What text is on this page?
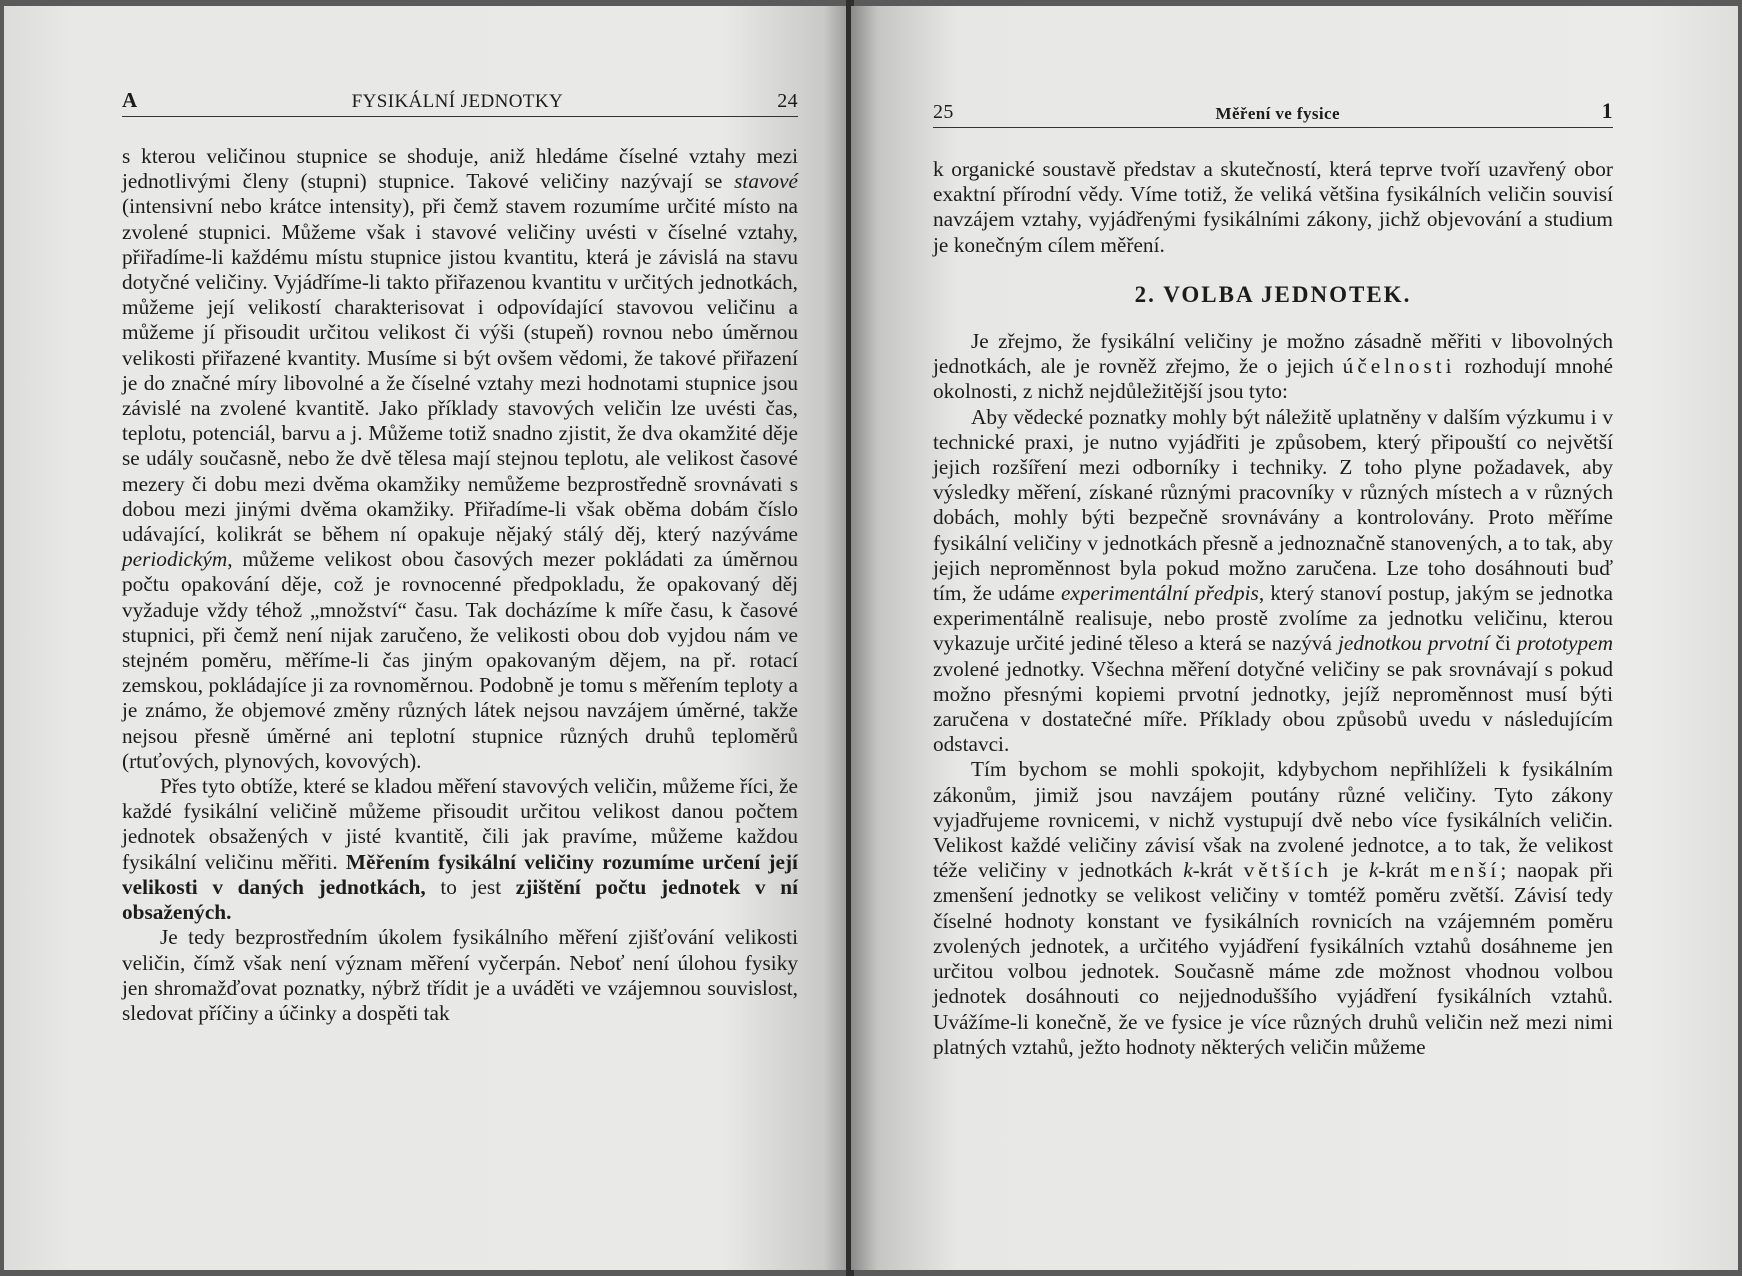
A	FYSIKÁLNÍ JEDNOTKY	24

s kterou veličinou stupnice se shoduje, aniž hledáme číselné vztahy mezi jednotlivými členy (stupni) stupnice. Takové veličiny nazývají se stavové (intensivní nebo krátce intensity), při čemž stavem rozumíme určité místo na zvolené stupnici. Můžeme však i stavové veličiny uvésti v číselné vztahy, přiřadíme-li každému místu stupnice jistou kvantitu, která je závislá na stavu dotyčné veličiny. Vyjádříme-li takto přiřazenou kvantitu v určitých jednotkách, můžeme její velikostí charakterisovat i odpovídající stavovou veličinu a můžeme jí přisoudit určitou velikost či výši (stupeň) rovnou nebo úměrnou velikosti přiřazené kvantity. Musíme si být ovšem vědomi, že takové přiřazení je do značné míry libovolné a že číselné vztahy mezi hodnotami stupnice jsou závislé na zvolené kvantitě. Jako příklady stavových veličin lze uvésti čas, teplotu, potenciál, barvu a j. Můžeme totiž snadno zjistit, že dva okamžité děje se udály současně, nebo že dvě tělesa mají stejnou teplotu, ale velikost časové mezery či dobu mezi dvěma okamžiky nemůžeme bezprostředně srovnávati s dobou mezi jinými dvěma okamžiky. Přiřadíme-li však oběma dobám číslo udávající, kolikrát se během ní opakuje nějaký stálý děj, který nazýváme periodickým, můžeme velikost obou časových mezer pokládati za úměrnou počtu opakování děje, což je rovnocenné předpokladu, že opakovaný děj vyžaduje vždy téhož „množství“ času. Tak docházíme k míře času, k časové stupnici, při čemž není nijak zaručeno, že velikosti obou dob vyjdou nám ve stejném poměru, měříme-li čas jiným opakovaným dějem, na př. rotací zemskou, pokládajíce ji za rovnoměrnou. Podobně je tomu s měřením teploty a je známo, že objemové změny různých látek nejsou navzájem úměrné, takže nejsou přesně úměrné ani teplotní stupnice různých druhů teploměrů (rtuťových, plynových, kovových).

Přes tyto obtíže, které se kladou měření stavových veličin, můžeme říci, že každé fysikální veličině můžeme přisoudit určitou velikost danou počtem jednotek obsažených v jisté kvantitě, čili jak pravíme, můžeme každou fysikální veličinu měřiti. Měřením fysikální veličiny rozumíme určení její velikosti v daných jednotkách, to jest zjištění počtu jednotek v ní obsažených.

Je tedy bezprostředním úkolem fysikálního měření zjišťování velikosti veličin, čímž však není význam měření vyčerpán. Neboť není úlohou fysiky jen shromažďovat poznatky, nýbrž třídit je a uváděti ve vzájemnou souvislost, sledovat příčiny a účinky a dospěti tak

25	Měření ve fysice	1

k organické soustavě představ a skutečností, která teprve tvoří uzavřený obor exaktní přírodní vědy. Víme totiž, že veliká většina fysikálních veličin souvisí navzájem vztahy, vyjádřenými fysikálními zákony, jichž objevování a studium je konečným cílem měření.

2. VOLBA JEDNOTEK.

Je zřejmo, že fysikální veličiny je možno zásadně měřiti v libovolných jednotkách, ale je rovněž zřejmo, že o jejich účelnosti rozhodují mnohé okolnosti, z nichž nejdůležitější jsou tyto:

Aby vědecké poznatky mohly být náležitě uplatněny v dalším výzkumu i v technické praxi, je nutno vyjádřiti je způsobem, který připouští co největší jejich rozšíření mezi odborníky i techniky. Z toho plyne požadavek, aby výsledky měření, získané různými pracovníky v různých místech a v různých dobách, mohly býti bezpečně srovnávány a kontrolovány. Proto měříme fysikální veličiny v jednotkách přesně a jednoznačně stanovených, a to tak, aby jejich neproměnnost byla pokud možno zaručena. Lze toho dosáhnouti buď tím, že udáme experimentální předpis, který stanoví postup, jakým se jednotka experimentálně realisuje, nebo prostě zvolíme za jednotku veličinu, kterou vykazuje určité jediné těleso a která se nazývá jednotkou prvotní či prototypem zvolené jednotky. Všechna měření dotyčné veličiny se pak srovnávají s pokud možno přesnými kopiemi prvotní jednotky, jejíž neproměnnost musí býti zaručena v dostatečné míře. Příklady obou způsobů uvedu v následujícím odstavci.

Tím bychom se mohli spokojit, kdybychom nepřihlíželi k fysikálním zákonům, jimiž jsou navzájem poutány různé veličiny. Tyto zákony vyjadřujeme rovnicemi, v nichž vystupují dvě nebo více fysikálních veličin. Velikost každé veličiny závisí však na zvolené jednotce, a to tak, že velikost téže veličiny v jednotkách k-krát větších je k-krát menší; naopak při zmenšení jednotky se velikost veličiny v tomtéž poměru zvětší. Závisí tedy číselné hodnoty konstant ve fysikálních rovnicích na vzájemném poměru zvolených jednotek, a určitého vyjádření fysikálních vztahů dosáhneme jen určitou volbou jednotek. Současně máme zde možnost vhodnou volbou jednotek dosáhnouti co nejjednoduššího vyjádření fysikálních vztahů. Uvážíme-li konečně, že ve fysice je více různých druhů veličin než mezi nimi platných vztahů, ježto hodnoty některých veličin můžeme
